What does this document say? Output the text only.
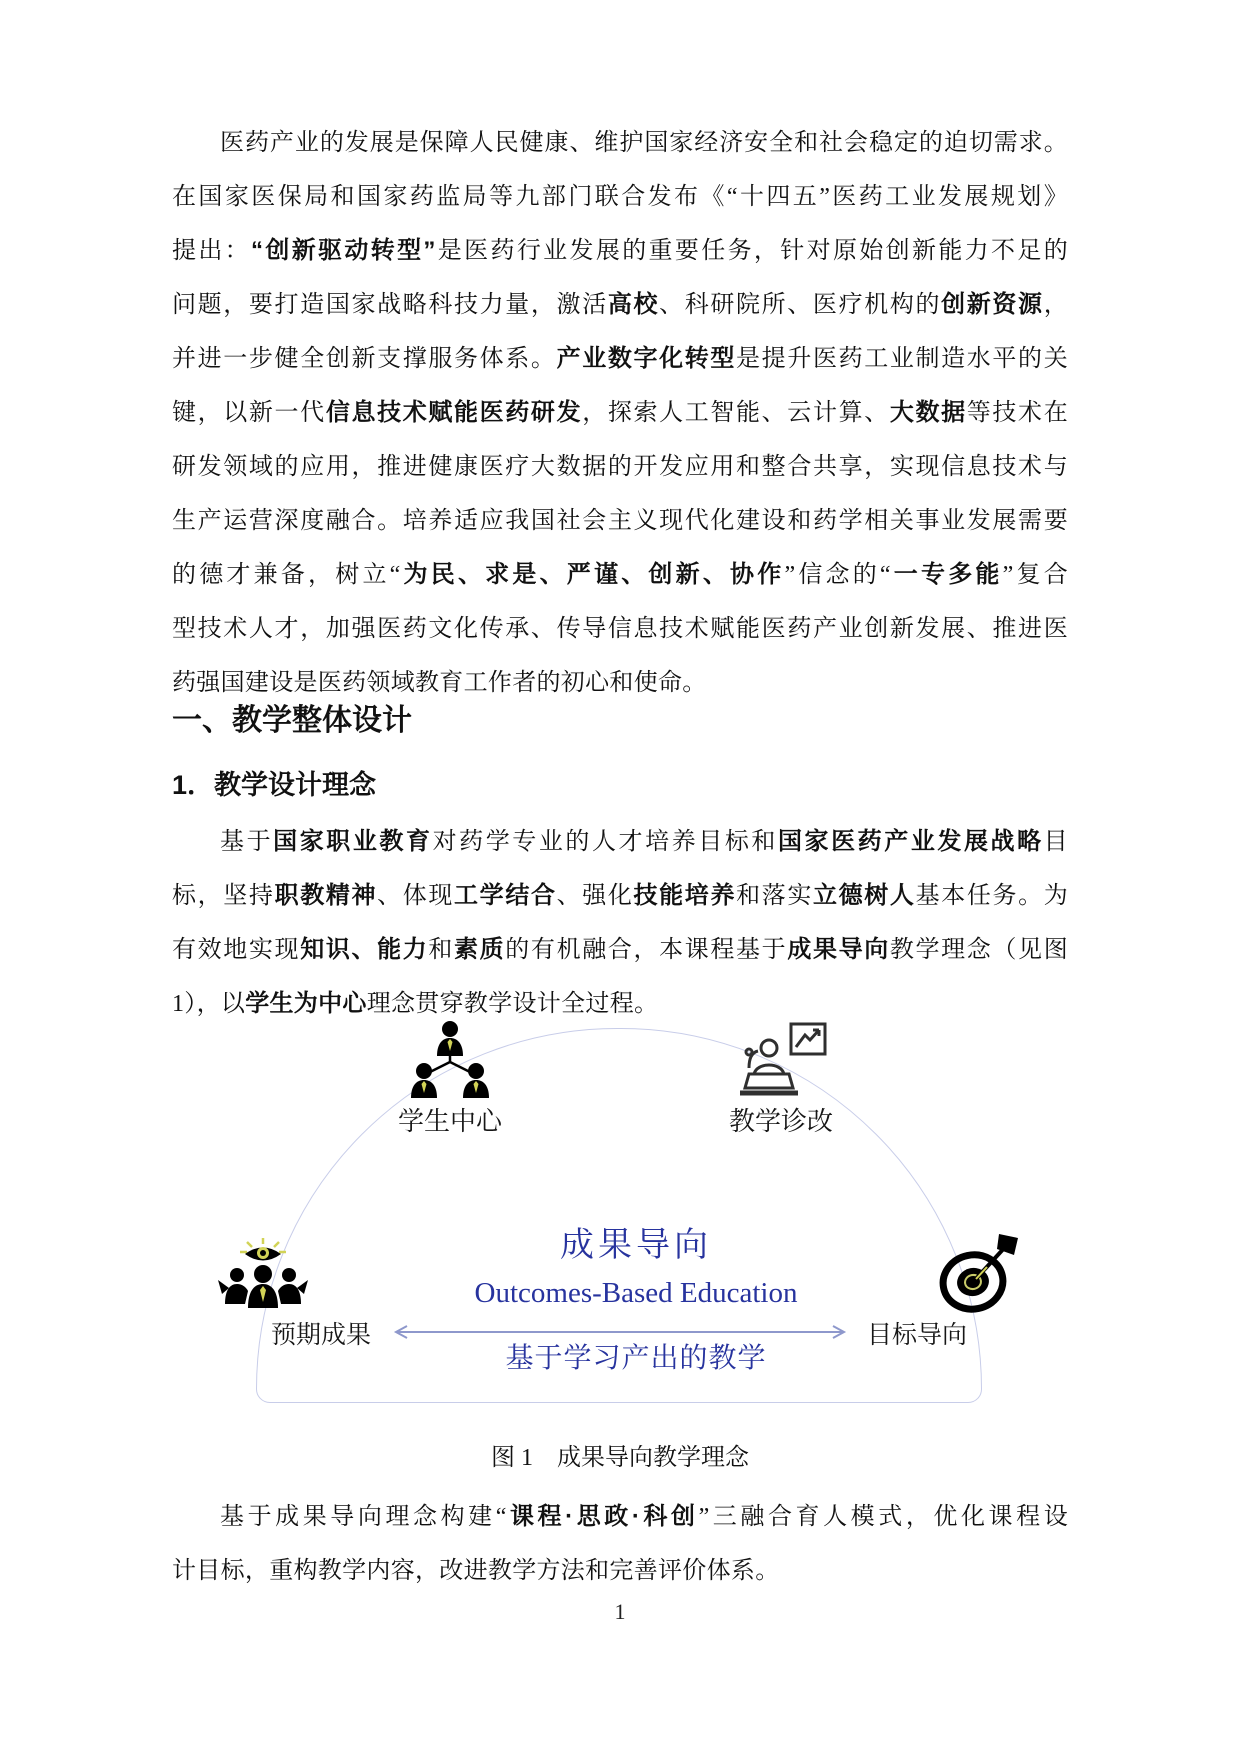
医药产业的发展是保障人民健康、维护国家经济安全和社会稳定的迫切需求。
在国家医保局和国家药监局等九部门联合发布《“十四五”医药工业发展规划》
提出：“创新驱动转型”是医药行业发展的重要任务，针对原始创新能力不足的
问题，要打造国家战略科技力量，激活高校、科研院所、医疗机构的创新资源，
并进一步健全创新支撑服务体系。产业数字化转型是提升医药工业制造水平的关
键，以新一代信息技术赋能医药研发，探索人工智能、云计算、大数据等技术在
研发领域的应用，推进健康医疗大数据的开发应用和整合共享，实现信息技术与
生产运营深度融合。培养适应我国社会主义现代化建设和药学相关事业发展需要
的德才兼备，树立“为民、求是、严谨、创新、协作”信念的“一专多能”复合
型技术人才，加强医药文化传承、传导信息技术赋能医药产业创新发展、推进医
药强国建设是医药领域教育工作者的初心和使命。
一、教学整体设计
1．教学设计理念
基于国家职业教育对药学专业的人才培养目标和国家医药产业发展战略目
标，坚持职教精神、体现工学结合、强化技能培养和落实立德树人基本任务。为
有效地实现知识、能力和素质的有机融合，本课程基于成果导向教学理念（见图
1），以学生为中心理念贯穿教学设计全过程。
学生中心	教学诊改
预期成果	目标导向
成果导向
Outcomes-Based Education
基于学习产出的教学
图 1　成果导向教学理念
基于成果导向理念构建“课程·思政·科创”三融合育人模式，优化课程设
计目标，重构教学内容，改进教学方法和完善评价体系。
1
